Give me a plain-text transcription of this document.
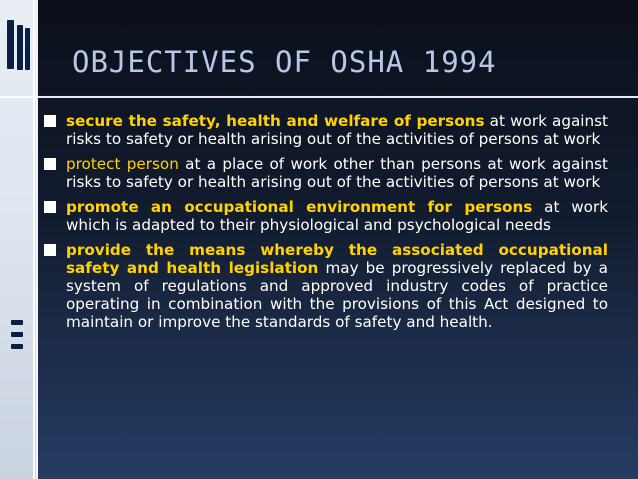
OBJECTIVES OF OSHA 1994
secure the safety, health and welfare of persons at work against risks to safety or health arising out of the activities of persons at work
protect person at a place of work other than persons at work against risks to safety or health arising out of the activities of persons at work
promote an occupational environment for persons at work which is adapted to their physiological and psychological needs
provide the means whereby the associated occupational safety and health legislation may be progressively replaced by a system of regulations and approved industry codes of practice operating in combination with the provisions of this Act designed to maintain or improve the standards of safety and health.
